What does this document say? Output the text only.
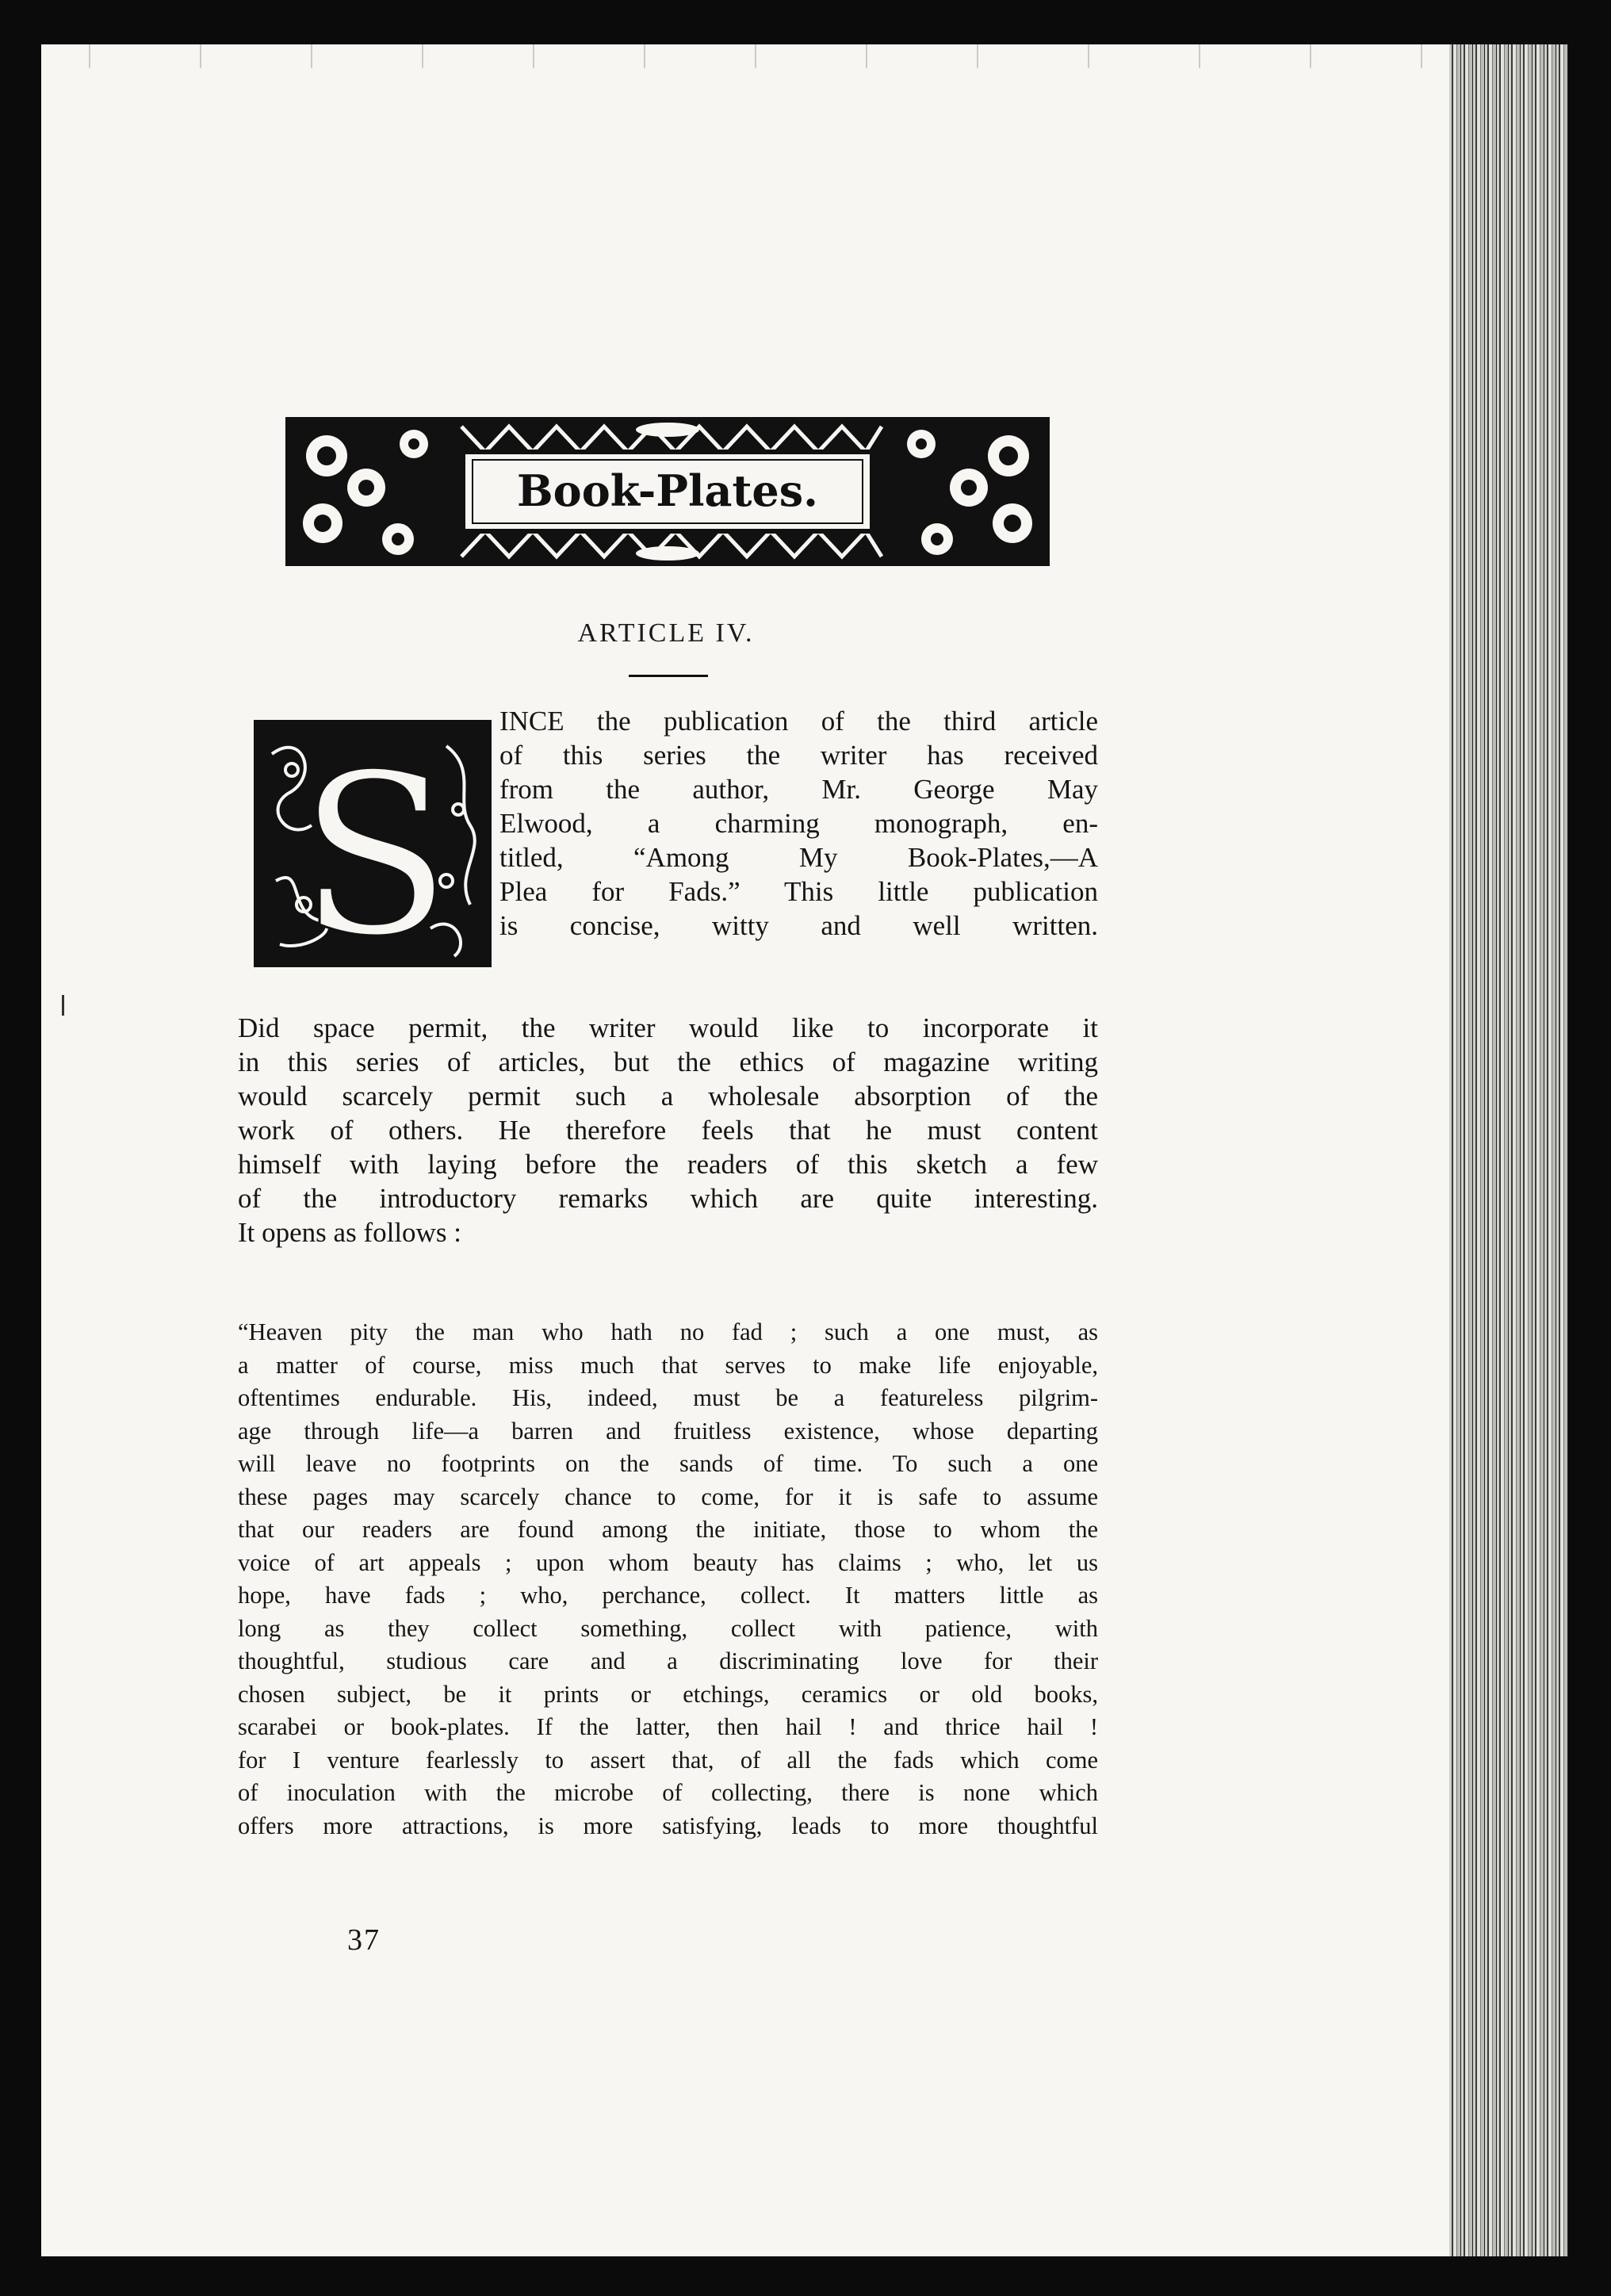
Book-Plates.
ARTICLE IV.
S
INCE the publication of the third article
of this series the writer has received
from the author, Mr. George May
Elwood, a charming monograph, en-
titled, “Among My Book-Plates,—A
Plea for Fads.” This little publication
is concise, witty and well written.
Did space permit, the writer would like to incorporate it
in this series of articles, but the ethics of magazine writing
would scarcely permit such a wholesale absorption of the
work of others. He therefore feels that he must content
himself with laying before the readers of this sketch a few
of the introductory remarks which are quite interesting.
It opens as follows :
“Heaven pity the man who hath no fad ; such a one must, as
a matter of course, miss much that serves to make life enjoyable,
oftentimes endurable. His, indeed, must be a featureless pilgrim-
age through life—a barren and fruitless existence, whose departing
will leave no footprints on the sands of time. To such a one
these pages may scarcely chance to come, for it is safe to assume
that our readers are found among the initiate, those to whom the
voice of art appeals ; upon whom beauty has claims ; who, let us
hope, have fads ; who, perchance, collect. It matters little as
long as they collect something, collect with patience, with
thoughtful, studious care and a discriminating love for their
chosen subject, be it prints or etchings, ceramics or old books,
scarabei or book-plates. If the latter, then hail ! and thrice hail !
for I venture fearlessly to assert that, of all the fads which come
of inoculation with the microbe of collecting, there is none which
offers more attractions, is more satisfying, leads to more thoughtful
37
